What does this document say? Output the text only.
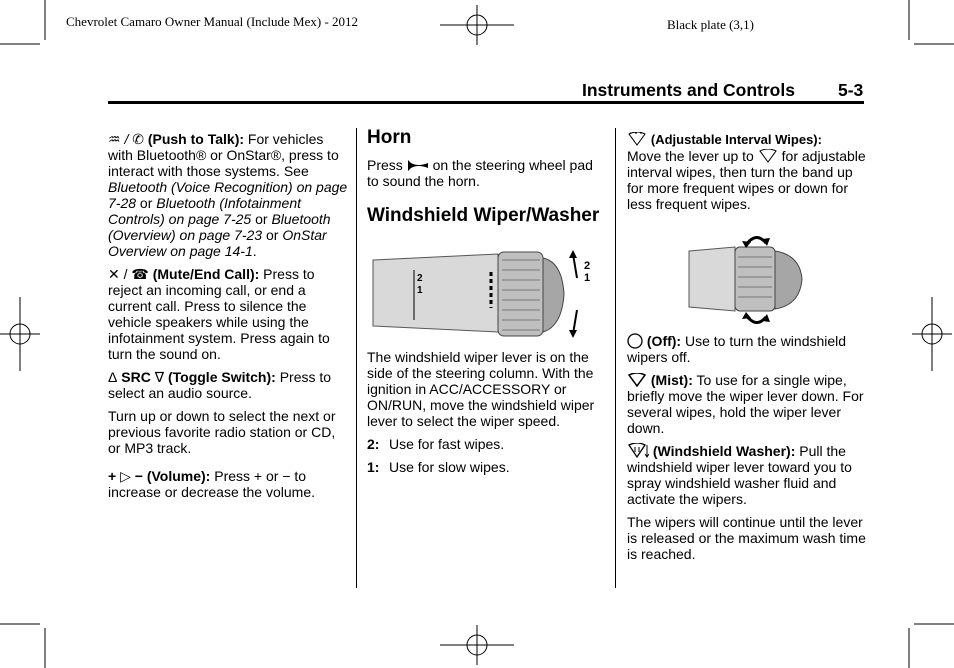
Chevrolet Camaro Owner Manual (Include Mex) - 2012	Black plate (3,1)
Instruments and Controls 5-3

♒ / ✆ (Push to Talk): For vehicles with Bluetooth® or OnStar®, press to interact with those systems. See Bluetooth (Voice Recognition) on page 7-28 or Bluetooth (Infotainment Controls) on page 7-25 or Bluetooth (Overview) on page 7-23 or OnStar Overview on page 14-1.

✕ / ☎ (Mute/End Call): Press to reject an incoming call, or end a current call. Press to silence the vehicle speakers while using the infotainment system. Press again to turn the sound on.

Δ SRC ∇ (Toggle Switch): Press to select an audio source.

Turn up or down to select the next or previous favorite radio station or CD, or MP3 track.

+ ▷ − (Volume): Press + or − to increase or decrease the volume.

Horn

Press on the steering wheel pad to sound the horn.

Windshield Wiper/Washer
2
1
2
1

The windshield wiper lever is on the side of the steering column. With the ignition in ACC/ACCESSORY or ON/RUN, move the windshield wiper lever to select the wiper speed.

2: Use for fast wipes.

1: Use for slow wipes.

(Adjustable Interval Wipes):
Move the lever up to for adjustable interval wipes, then turn the band up for more frequent wipes or down for less frequent wipes.

(Off): Use to turn the windshield wipers off.

(Mist): To use for a single wipe, briefly move the wiper lever down. For several wipes, hold the wiper lever down.

(Windshield Washer): Pull the windshield wiper lever toward you to spray windshield washer fluid and activate the wipers.

The wipers will continue until the lever is released or the maximum wash time is reached.
